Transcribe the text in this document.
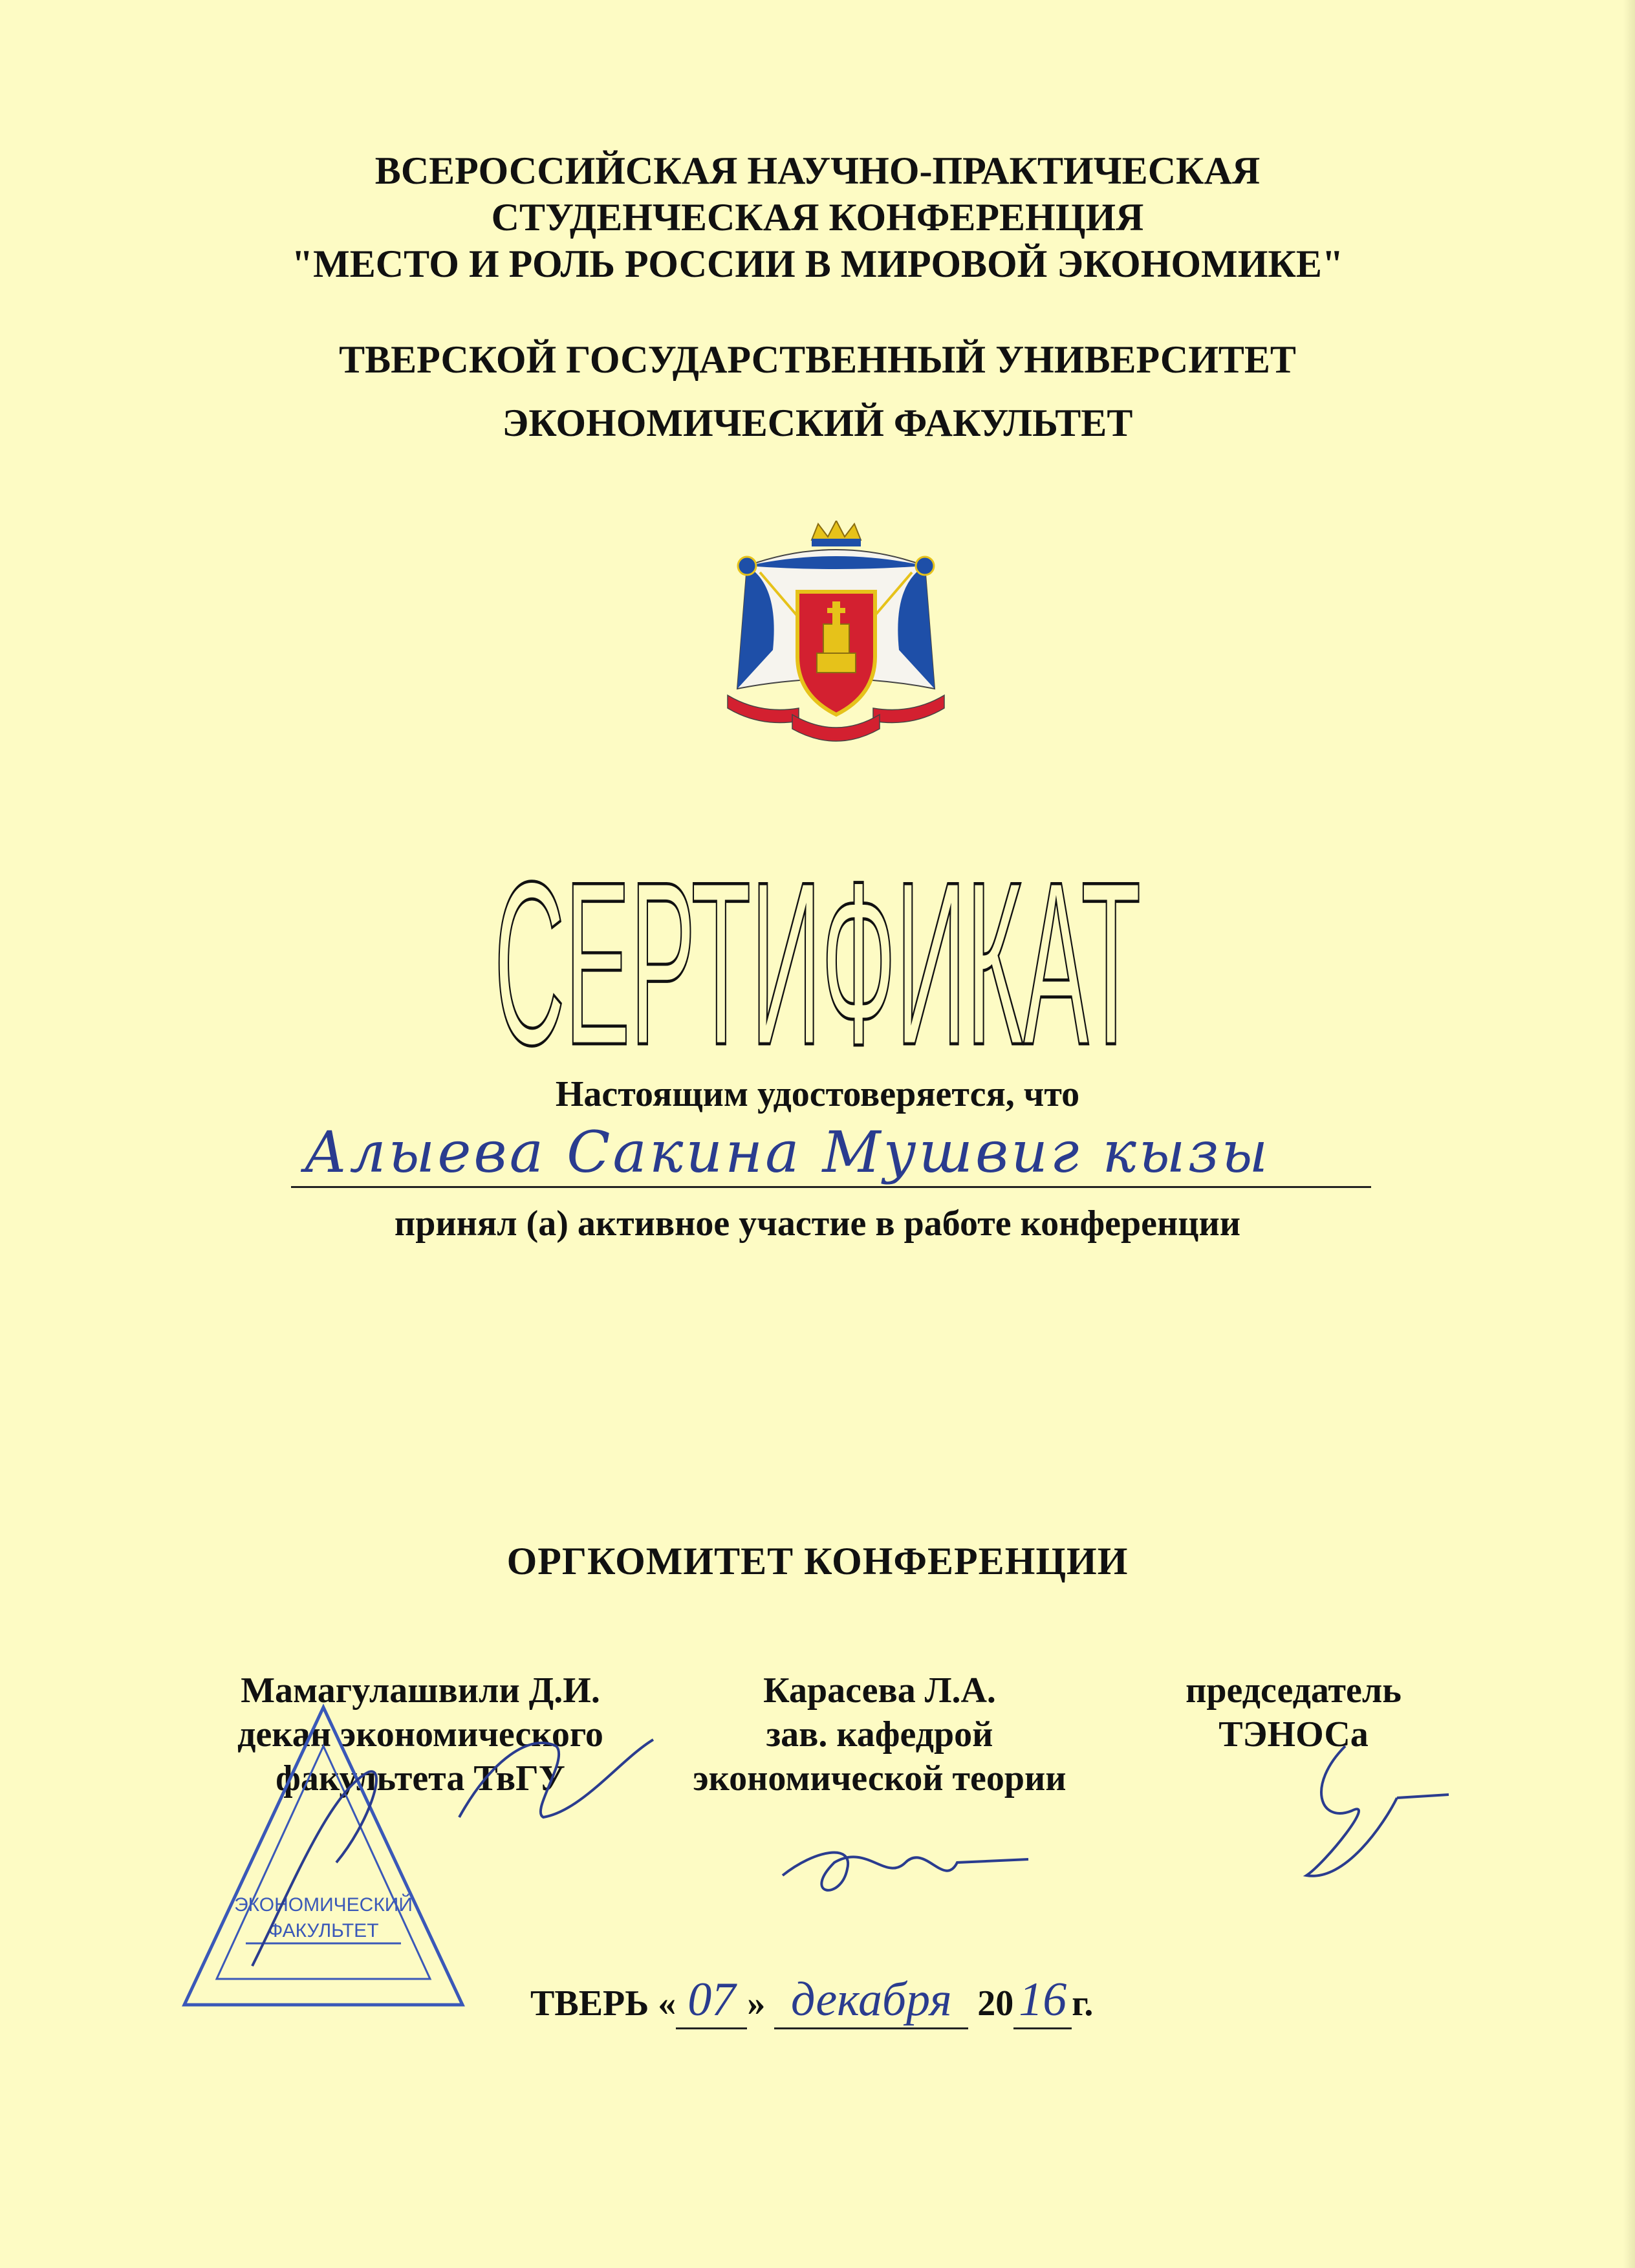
ВСЕРОССИЙСКАЯ НАУЧНО-ПРАКТИЧЕСКАЯ
СТУДЕНЧЕСКАЯ КОНФЕРЕНЦИЯ
"МЕСТО И РОЛЬ РОССИИ В МИРОВОЙ ЭКОНОМИКЕ"
ТВЕРСКОЙ ГОСУДАРСТВЕННЫЙ УНИВЕРСИТЕТ
ЭКОНОМИЧЕСКИЙ ФАКУЛЬТЕТ
СЕРТИФИКАТ
Настоящим удостоверяется, что
Алыева Сакина Мушвиг кызы
принял (а) активное участие в работе конференции
ОРГКОМИТЕТ КОНФЕРЕНЦИИ
Мамагулашвили Д.И.
декан экономического
факультета ТвГУ
Карасева Л.А.
зав. кафедрой
экономической теории
председатель
ТЭНОСа
ЭКОНОМИЧЕСКИЙ
ФАКУЛЬТЕТ
ТВЕРЬ « 07 » декабря 20 16 г.
